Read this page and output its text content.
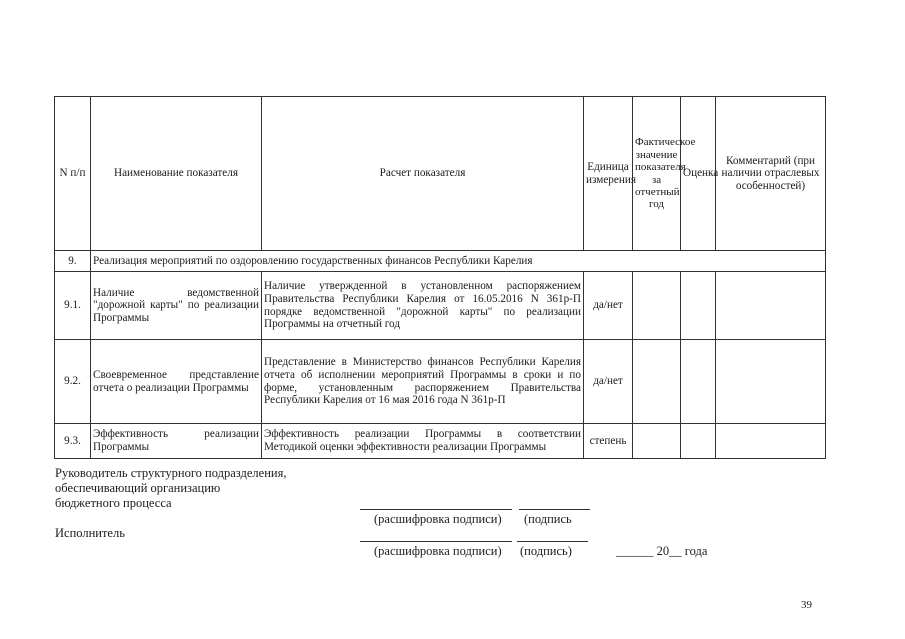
N п/п	Наименование показателя	Расчет показателя	Единица измерения	Фактическое значение показателя за отчетный год	Оценка	Комментарий (при наличии отраслевых особенностей)
9.	Реализация мероприятий по оздоровлению государственных финансов Республики Карелия					
9.1.	Наличие ведомственной "дорожной карты" по реализации Программы	Наличие утвержденной в установленном распоряжением Правительства Республики Карелия от 16.05.2016 N 361р-П порядке ведомственной "дорожной карты" по реализации Программы на отчетный год	да/нет			
9.2.	Своевременное представление отчета о реализации Программы	Представление в Министерство финансов Республики Карелия отчета об исполнении мероприятий Программы в сроки и по форме, установленным распоряжением Правительства Республики Карелия от 16 мая 2016 года N 361р-П	да/нет			
9.3.	Эффективность реализации Программы	Эффективность реализации Программы в соответствии Методикой оценки эффективности реализации Программы	степень			
Руководитель структурного подразделения,
обеспечивающий организацию
бюджетного процесса
(расшифровка подписи) (подпись
Исполнитель
(расшифровка подписи) (подпись)	______ 20__ года
39
